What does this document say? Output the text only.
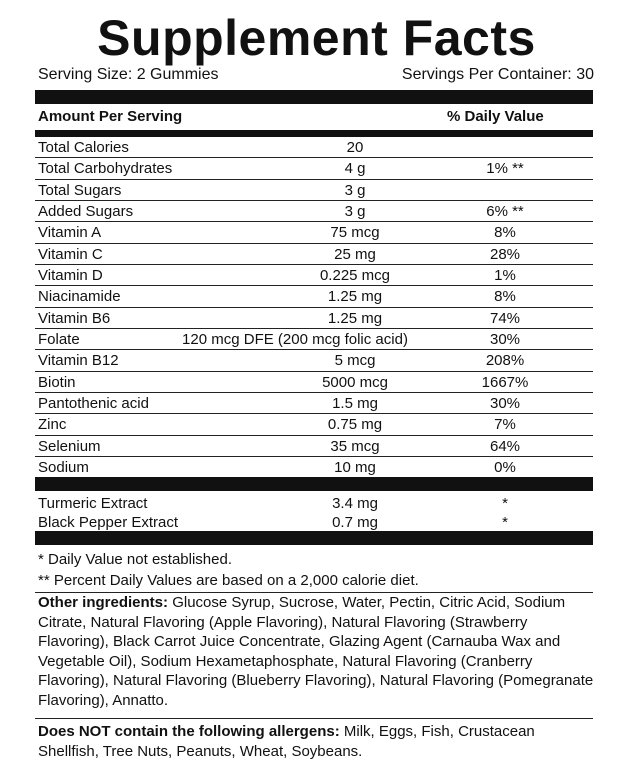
Supplement Facts
Serving Size: 2 Gummies	Servings Per Container: 30
Amount Per Serving	% Daily Value
Total Calories	20
Total Carbohydrates	4 g	1% **
Total Sugars	3 g
Added Sugars	3 g	6% **
Vitamin A	75 mcg	8%
Vitamin C	25 mg	28%
Vitamin D	0.225 mcg	1%
Niacinamide	1.25 mg	8%
Vitamin B6	1.25 mg	74%
Folate	120 mcg DFE (200 mcg folic acid)	30%
Vitamin B12	5 mcg	208%
Biotin	5000 mcg	1667%
Pantothenic acid	1.5 mg	30%
Zinc	0.75 mg	7%
Selenium	35 mcg	64%
Sodium	10 mg	0%
Turmeric Extract	3.4 mg	*
Black Pepper Extract	0.7 mg	*
* Daily Value not established.
** Percent Daily Values are based on a 2,000 calorie diet.
Other ingredients: Glucose Syrup, Sucrose, Water, Pectin, Citric Acid, Sodium Citrate, Natural Flavoring (Apple Flavoring), Natural Flavoring (Strawberry Flavoring), Black Carrot Juice Concentrate, Glazing Agent (Carnauba Wax and Vegetable Oil), Sodium Hexametaphosphate, Natural Flavoring (Cranberry Flavoring), Natural Flavoring (Blueberry Flavoring), Natural Flavoring (Pomegranate Flavoring), Annatto.
Does NOT contain the following allergens: Milk, Eggs, Fish, Crustacean Shellfish, Tree Nuts, Peanuts, Wheat, Soybeans.
